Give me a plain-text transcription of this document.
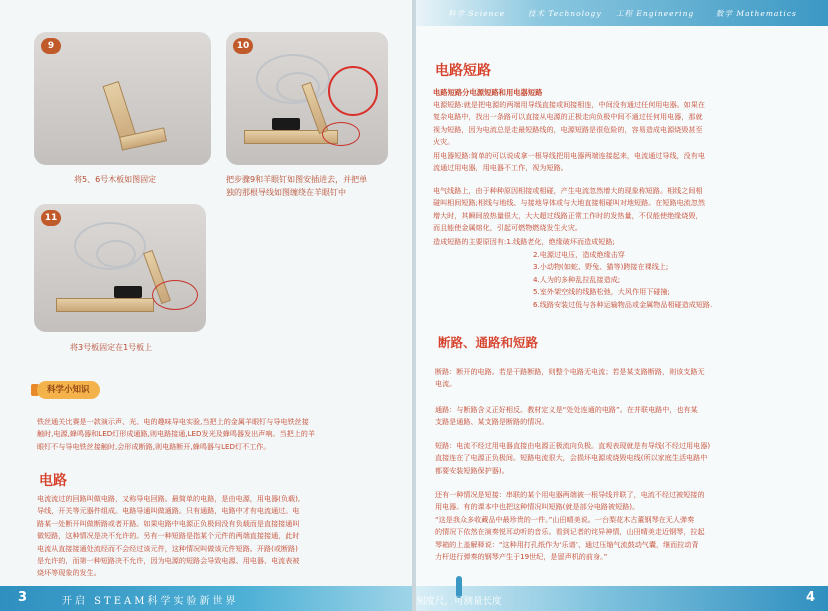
9	10
将5、6号木板如图固定	把步骤9和羊眼钉如图安插进去，并把单
独的那根导线如图缠绕在羊眼钉中
11
将3号板固定在1号板上
科学小知识
铁丝通关比赛是一款演示声、光、电的趣味导电实验,当把上的金属羊眼钉与导电铁丝接
触时,电源,蜂鸣器和LED灯形成通路,则电路接通,LED发光及蜂鸣器发出声响。当把上的羊
眼钉不与导电铁丝接触时,会形成断路,则电路断开,蜂鸣器与LED灯不工作。
电路
电流流过的回路叫做电路，又称导电回路。最简单的电路，是由电源，用电器(负载),
导线，开关等元器件组成。电路导通叫做通路。只有通路，电路中才有电流通过。电
路某一处断开叫做断路或者开路。如果电路中电源正负极间没有负载而是直接接通叫
做短路，这种情况是决不允许的。另有一种短路是指某个元件的两端直接接通，此时
电流从直接接通处流经而不会经过该元件，这种情况叫做该元件短路。开路(或断路)
是允许的，而第一种短路决不允许，因为电源的短路会导致电源、用电器、电流表被
烧坏等现象的发生。
3	开启 STEAM科学实验新世界
科学 Science	技术 Technology 工程 Engineering	数学 Mathematics
电路短路
电路短路分电源短路和用电器短路
电源短路:就是把电源的两端用导线直接或间接相连，中间没有通过任何用电器。如果在
复杂电路中，找出一条路可以直接从电源的正极走向负极中间不通过任何用电器，那就
视为短路，因为电流总是走最短路线的，电源短路是很危险的，容易造成电源烧毁甚至
火灾。
用电器短路:简单的可以说成拿一根导线把用电器两端连接起来，电流通过导线，没有电
流通过用电器，用电器不工作，视为短路。
电气线路上，由于种种原因相接或相碰，产生电流忽然增大的现象称短路。相线之间相
碰叫相间短路;相线与地线、与接地导体或与大地直接相碰叫对地短路。在短路电流忽然
增大时，其瞬间放热量很大，大大超过线路正常工作时的发热量，不仅能使绝缘烧毁，
而且能使金属熔化，引起可燃物燃烧发生火灾。
造成短路的主要原因有:1.线路老化，绝缘破坏而造成短路;
2.电源过电压，造成绝缘击穿
3.小动物(如蛇、野兔、猫等)跨接在裸线上;
4.人为的多种乱拉乱接造成;
5.室外架空线的线路松弛，大风作用下碰撞;
6.线路安装过低与各种运输物品或金属物品相碰造成短路.
断路、通路和短路
断路：断开的电路。若是干路断路，则整个电路无电流；若是某支路断路，则该支路无
电流。
通路：与断路含义正好相反。教材定义是“处处连通的电路”。在并联电路中，也有某
支路是通路、某支路是断路的情况。
短路：电流不经过用电器直接由电源正极流向负极。直观表现就是有导线(不经过用电器)
直接连在了电源正负极间。短路电流很大，会损坏电源或烧毁电线(所以家庭生活电路中
都要安装短路保护器)。
还有一种情况是短接：串联的某个用电器两端被一根导线并联了，电流不经过被短接的
用电器。有的课本中也把这种情况叫短路(就是部分电路被短路)。
“这是我众多收藏品中最珍贵的一件。”山田晴美说。一台梨花木古董钢琴在无人弹奏
的情况下依然在演奏悦耳动听的音乐。看到记者的诧异神情，山田晴美走近钢琴，拉起
琴箱的上盖解释说：“这种用打孔纸作为‘乐谱’、通过压缩气流鼓动气囊，继而拉动背
力杆进行弹奏的钢琴产生于19世纪，是留声机的前身。”
刻度尺，可测量长度	4
